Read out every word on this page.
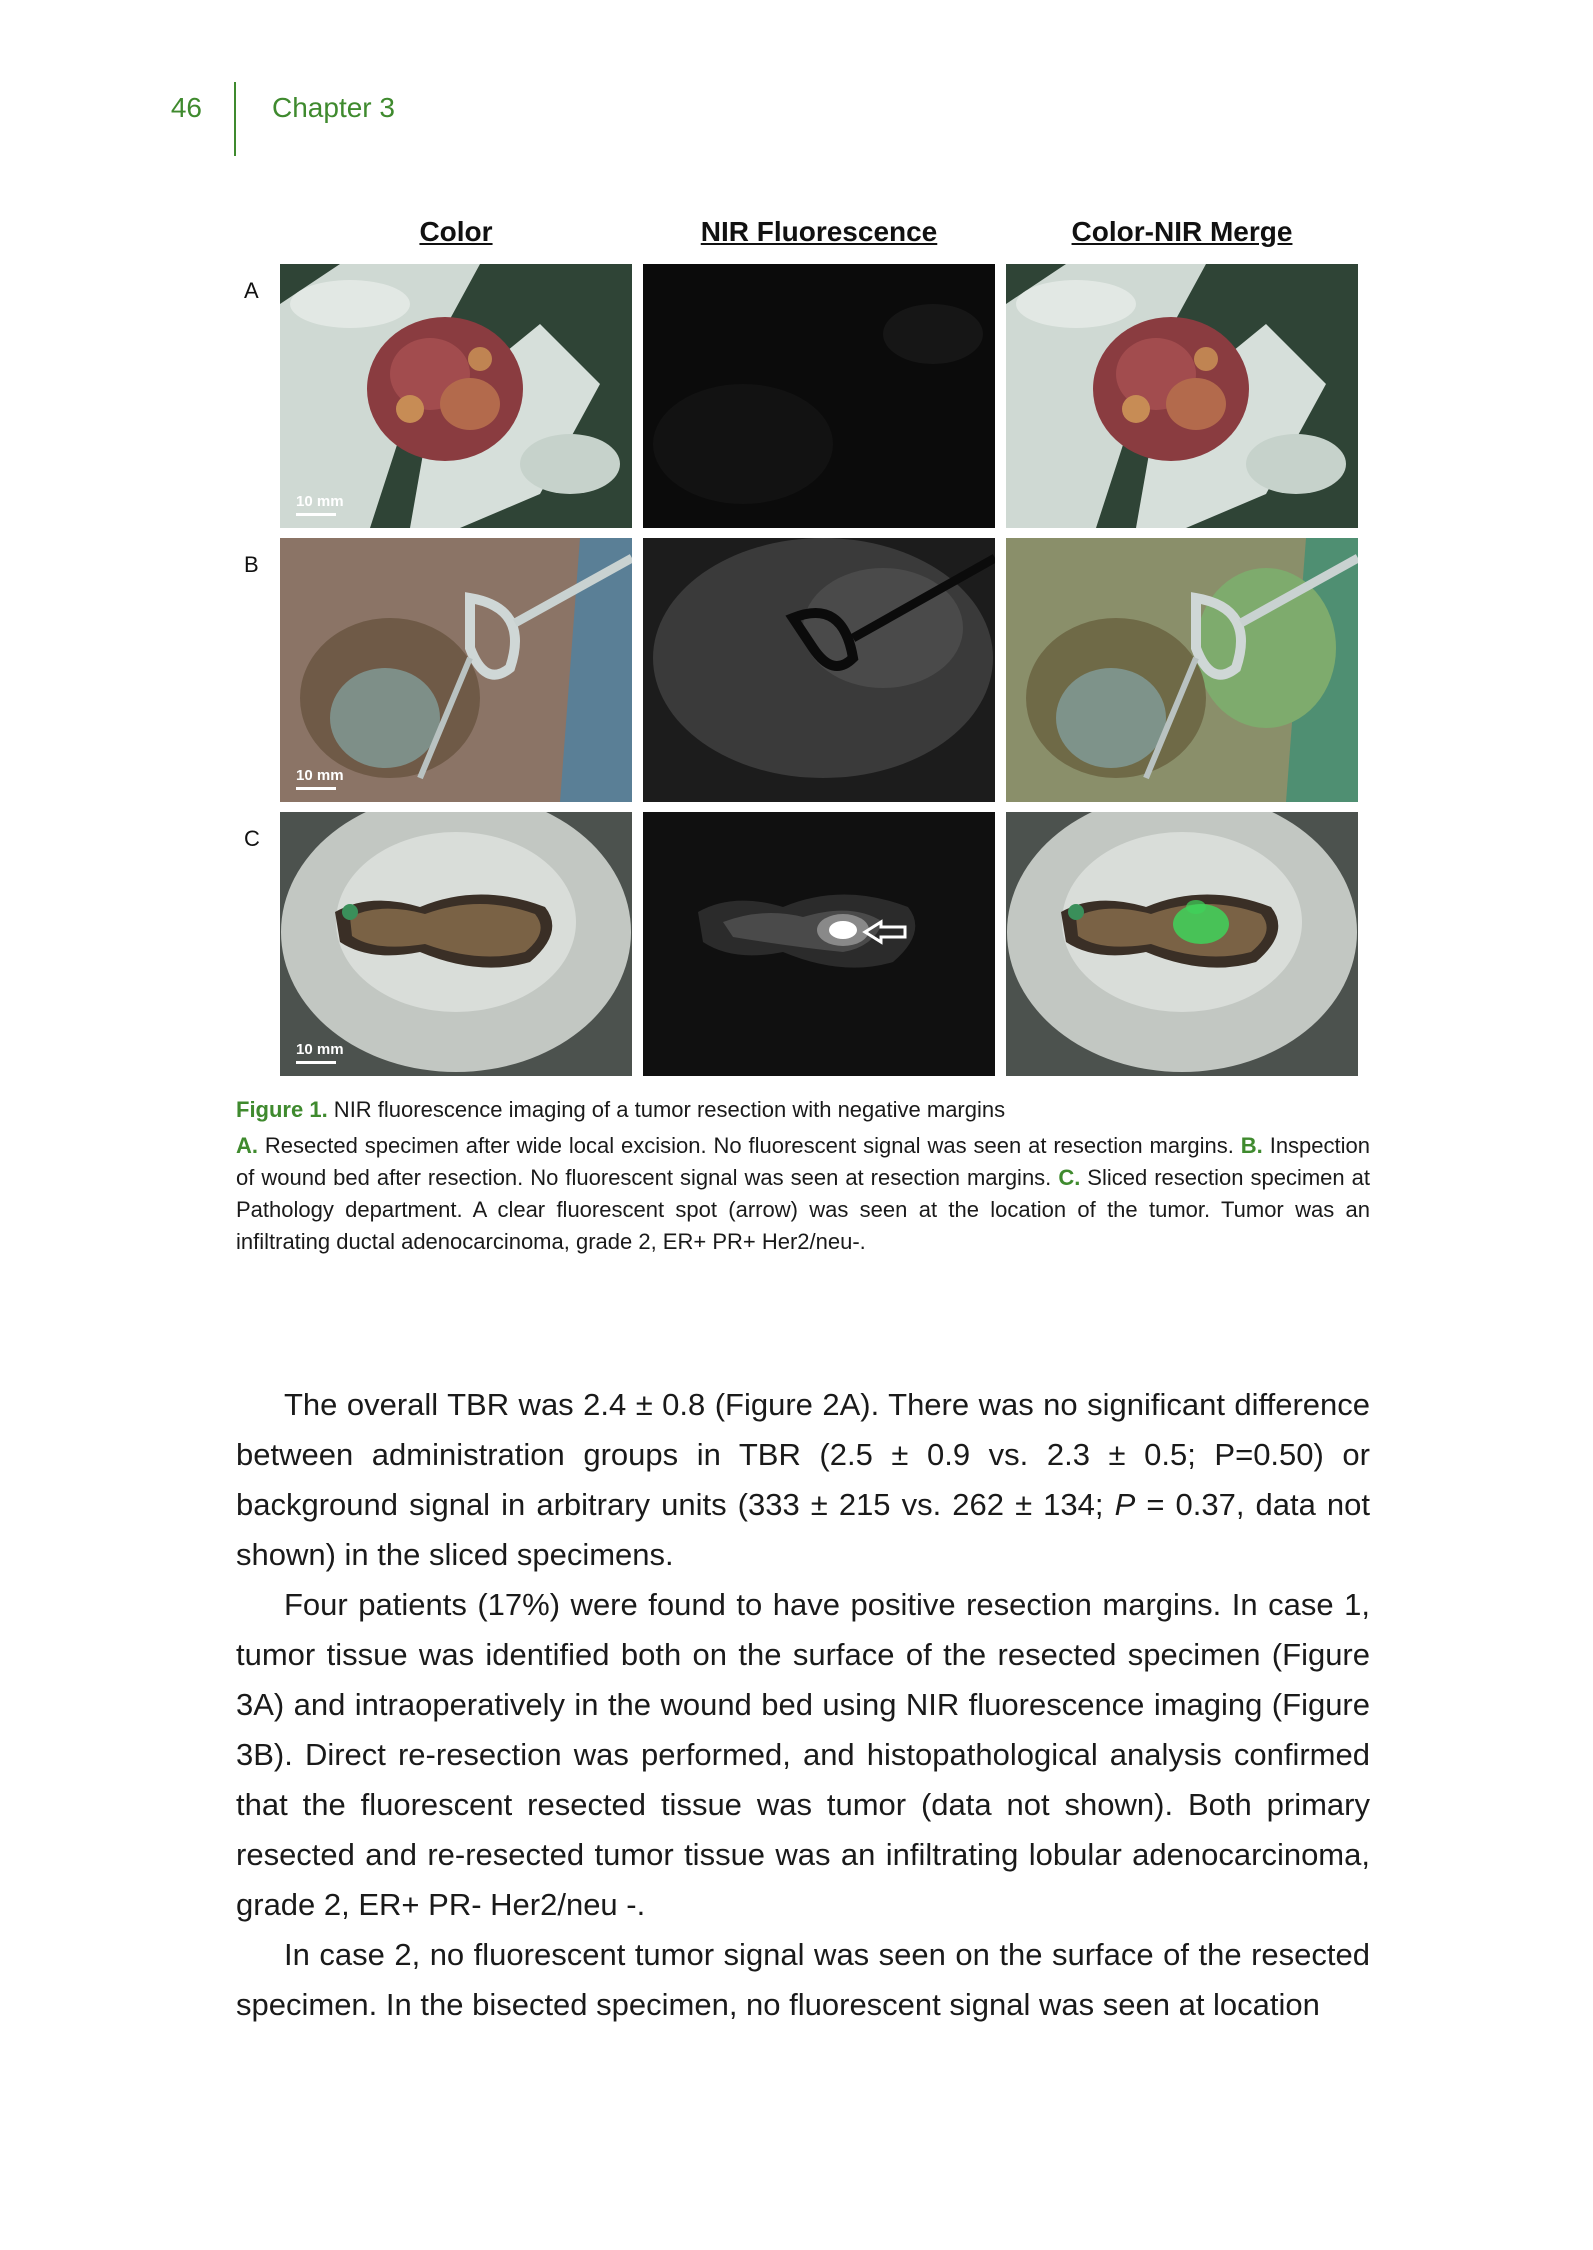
46	Chapter 3
Color	NIR Fluorescence	Color-NIR Merge
A
B
C
10 mm
10 mm
10 mm

Figure 1. NIR fluorescence imaging of a tumor resection with negative margins

A. Resected specimen after wide local excision. No fluorescent signal was seen at resection margins. B. Inspection of wound bed after resection. No fluorescent signal was seen at resection margins. C. Sliced resection specimen at Pathology department. A clear fluorescent spot (arrow) was seen at the location of the tumor. Tumor was an infiltrating ductal adenocarcinoma, grade 2, ER+ PR+ Her2/neu-.

The overall TBR was 2.4 ± 0.8 (Figure 2A). There was no significant difference between administration groups in TBR (2.5 ± 0.9 vs. 2.3 ± 0.5; P=0.50) or background signal in arbitrary units (333 ± 215 vs. 262 ± 134; P = 0.37, data not shown) in the sliced specimens.

Four patients (17%) were found to have positive resection margins. In case 1, tumor tissue was identified both on the surface of the resected specimen (Figure 3A) and intraoperatively in the wound bed using NIR fluorescence imaging (Figure 3B). Direct re-resection was performed, and histopathological analysis confirmed that the fluorescent resected tissue was tumor (data not shown). Both primary resected and re-resected tumor tissue was an infiltrating lobular adenocarcinoma, grade 2, ER+ PR- Her2/neu -.

In case 2, no fluorescent tumor signal was seen on the surface of the resected specimen. In the bisected specimen, no fluorescent signal was seen at location
